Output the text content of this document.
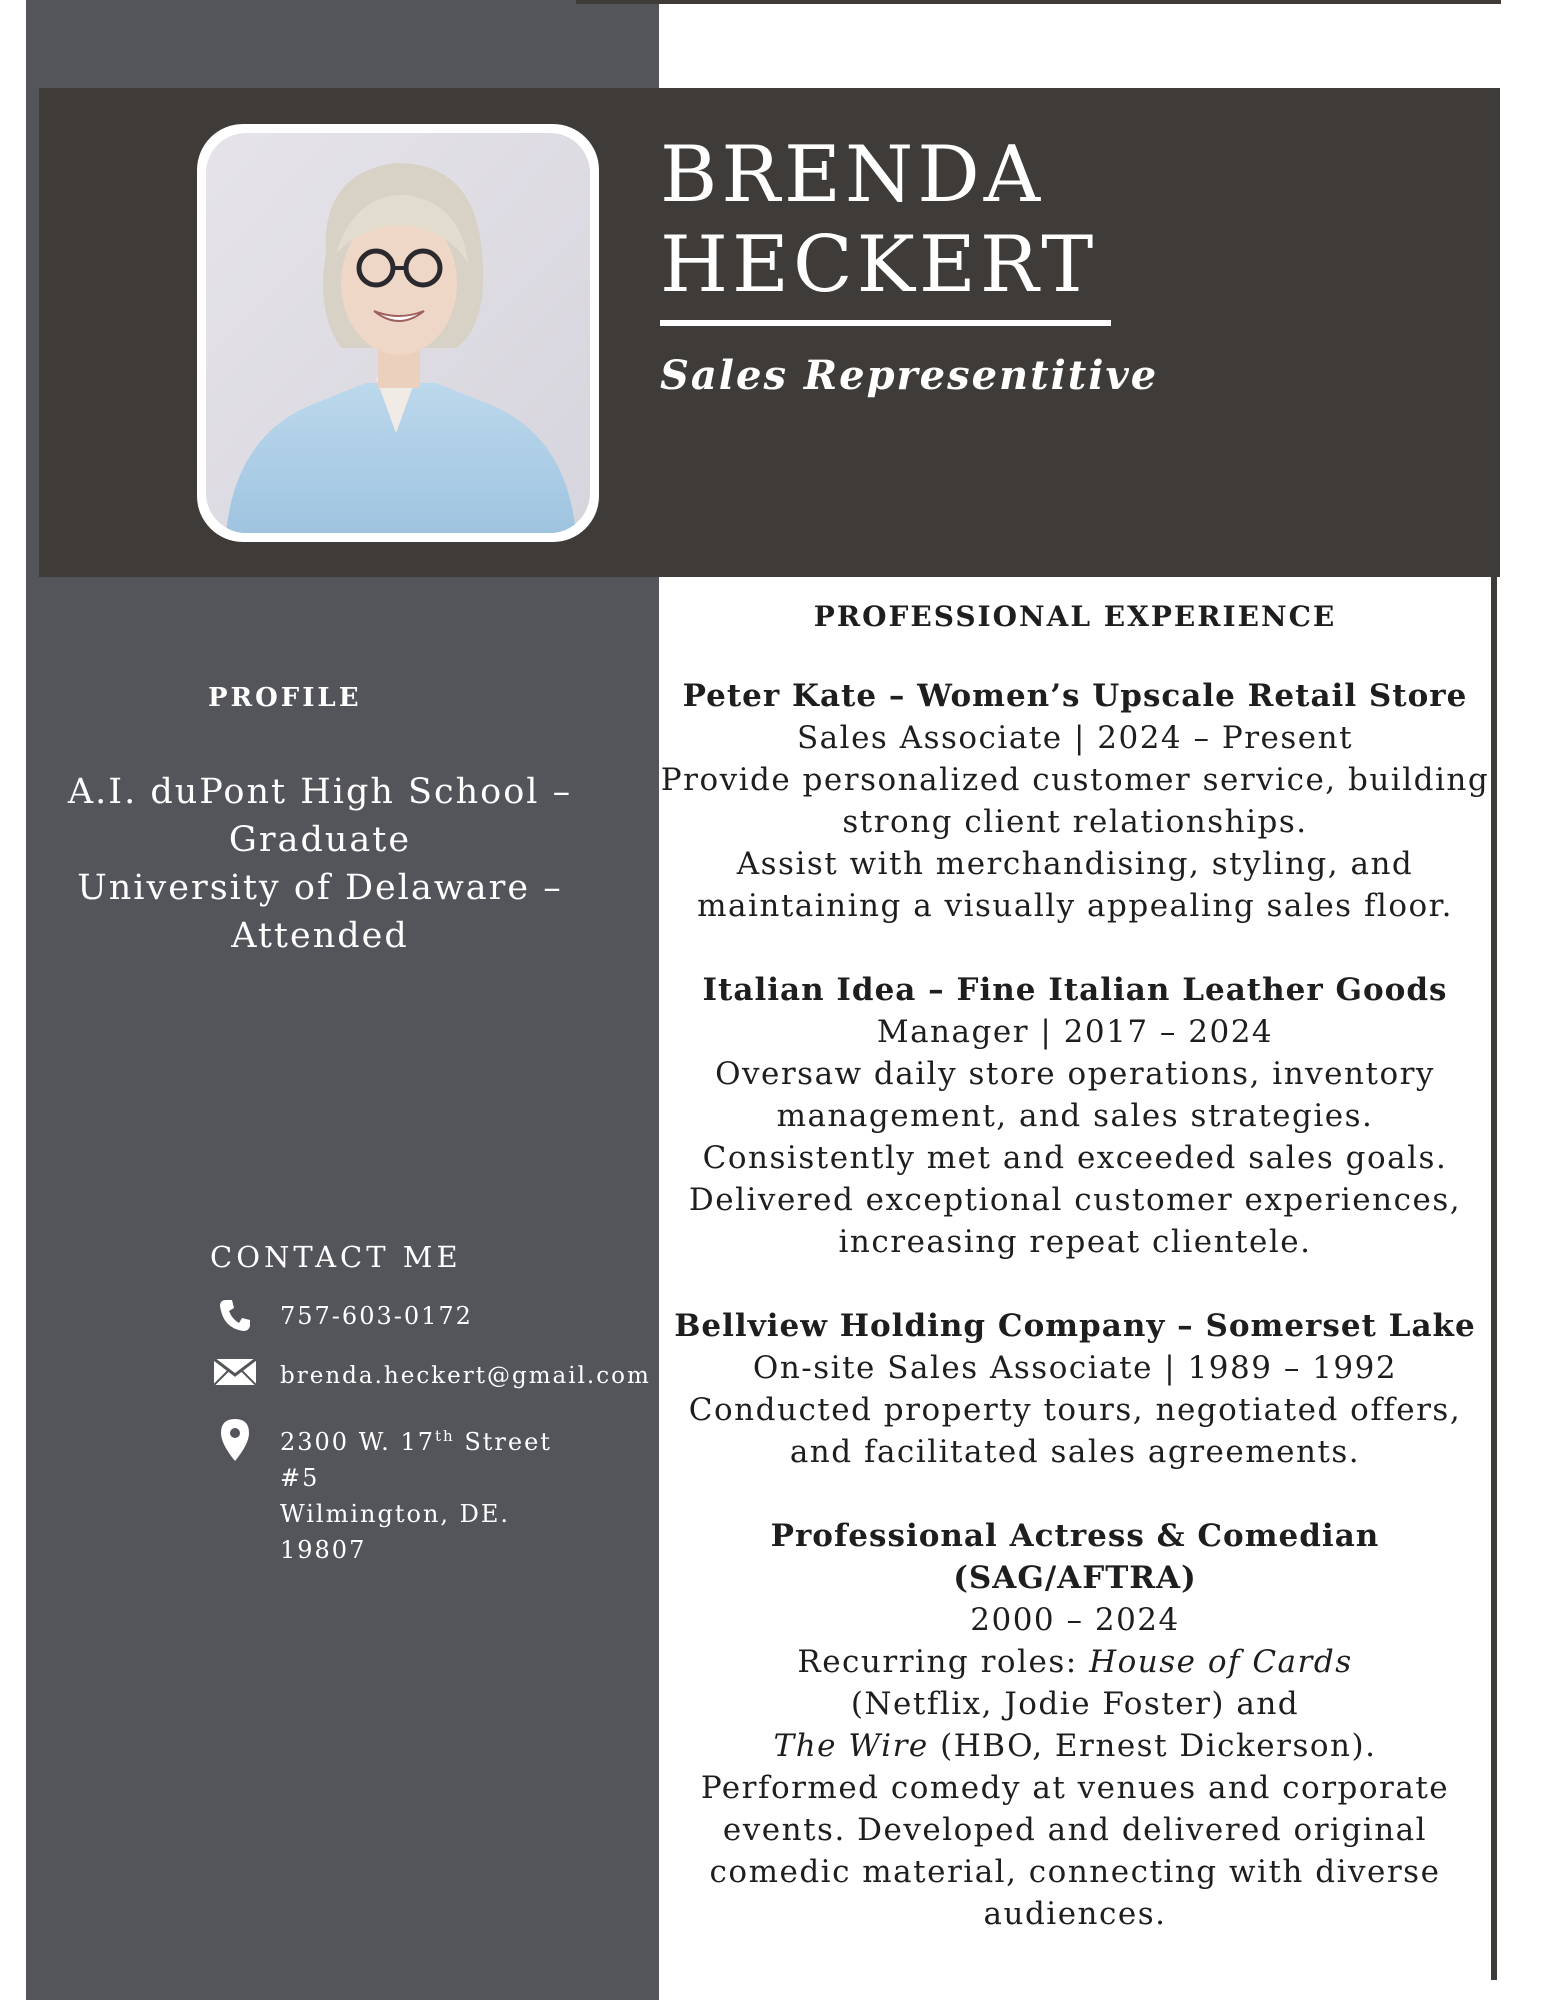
BRENDA
HECKERT
Sales Representitive
PROFILE
A.I. duPont High School –
Graduate
University of Delaware –
Attended
CONTACT ME
757-603-0172
brenda.heckert@gmail.com
2300 W. 17th Street
#5
Wilmington, DE.
19807
PROFESSIONAL EXPERIENCE
Peter Kate – Women’s Upscale Retail Store
Sales Associate | 2024 – Present
Provide personalized customer service, building
strong client relationships.
Assist with merchandising, styling, and
maintaining a visually appealing sales floor.
Italian Idea – Fine Italian Leather Goods
Manager | 2017 – 2024
Oversaw daily store operations, inventory
management, and sales strategies.
Consistently met and exceeded sales goals.
Delivered exceptional customer experiences,
increasing repeat clientele.
Bellview Holding Company – Somerset Lake
On-site Sales Associate | 1989 – 1992
Conducted property tours, negotiated offers,
and facilitated sales agreements.
Professional Actress & Comedian (SAG/AFTRA)
2000 – 2024
Recurring roles: House of Cards
(Netflix, Jodie Foster) and
The Wire (HBO, Ernest Dickerson).
Performed comedy at venues and corporate
events. Developed and delivered original
comedic material, connecting with diverse
audiences.
